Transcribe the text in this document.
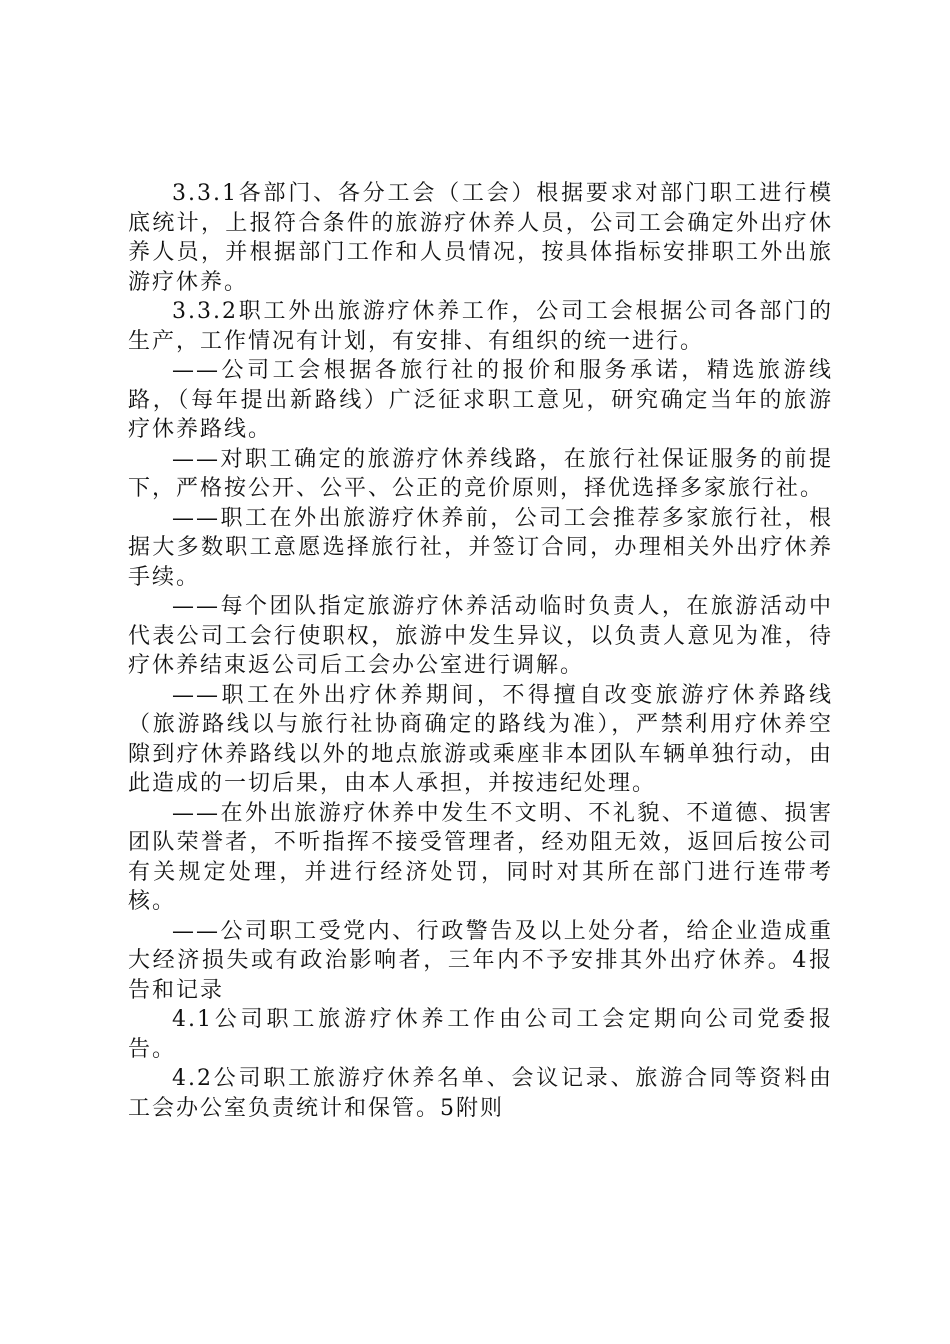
3.3.1各部门、各分工会（工会）根据要求对部门职工进行模底统计，上报符合条件的旅游疗休养人员，公司工会确定外出疗休养人员，并根据部门工作和人员情况，按具体指标安排职工外出旅游疗休养。

3.3.2职工外出旅游疗休养工作，公司工会根据公司各部门的生产，工作情况有计划，有安排、有组织的统一进行。

——公司工会根据各旅行社的报价和服务承诺，精选旅游线路，（每年提出新路线）广泛征求职工意见，研究确定当年的旅游疗休养路线。

——对职工确定的旅游疗休养线路，在旅行社保证服务的前提下，严格按公开、公平、公正的竞价原则，择优选择多家旅行社。

——职工在外出旅游疗休养前，公司工会推荐多家旅行社，根据大多数职工意愿选择旅行社，并签订合同，办理相关外出疗休养手续。

——每个团队指定旅游疗休养活动临时负责人，在旅游活动中代表公司工会行使职权，旅游中发生异议，以负责人意见为准，待疗休养结束返公司后工会办公室进行调解。

——职工在外出疗休养期间，不得擅自改变旅游疗休养路线（旅游路线以与旅行社协商确定的路线为准），严禁利用疗休养空隙到疗休养路线以外的地点旅游或乘座非本团队车辆单独行动，由此造成的一切后果，由本人承担，并按违纪处理。

——在外出旅游疗休养中发生不文明、不礼貌、不道德、损害团队荣誉者，不听指挥不接受管理者，经劝阻无效，返回后按公司有关规定处理，并进行经济处罚，同时对其所在部门进行连带考核。

——公司职工受党内、行政警告及以上处分者，给企业造成重大经济损失或有政治影响者，三年内不予安排其外出疗休养。4报告和记录

4.1公司职工旅游疗休养工作由公司工会定期向公司党委报告。

4.2公司职工旅游疗休养名单、会议记录、旅游合同等资料由工会办公室负责统计和保管。5附则
